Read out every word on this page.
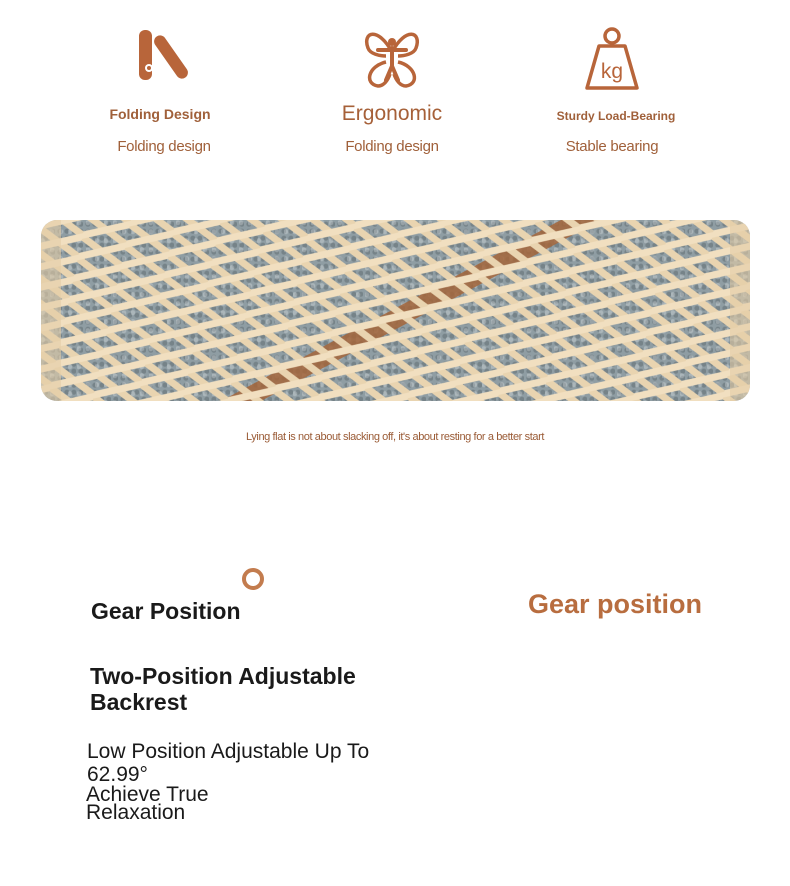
Folding Design
Folding design
Ergonomic
Folding design
kg
Sturdy Load-Bearing
Stable bearing
Lying flat is not about slacking off, it's about resting for a better start
Gear Position	Gear position
Two-Position Adjustable Backrest
Low Position Adjustable Up To 62.99°
Achieve True Relaxation
